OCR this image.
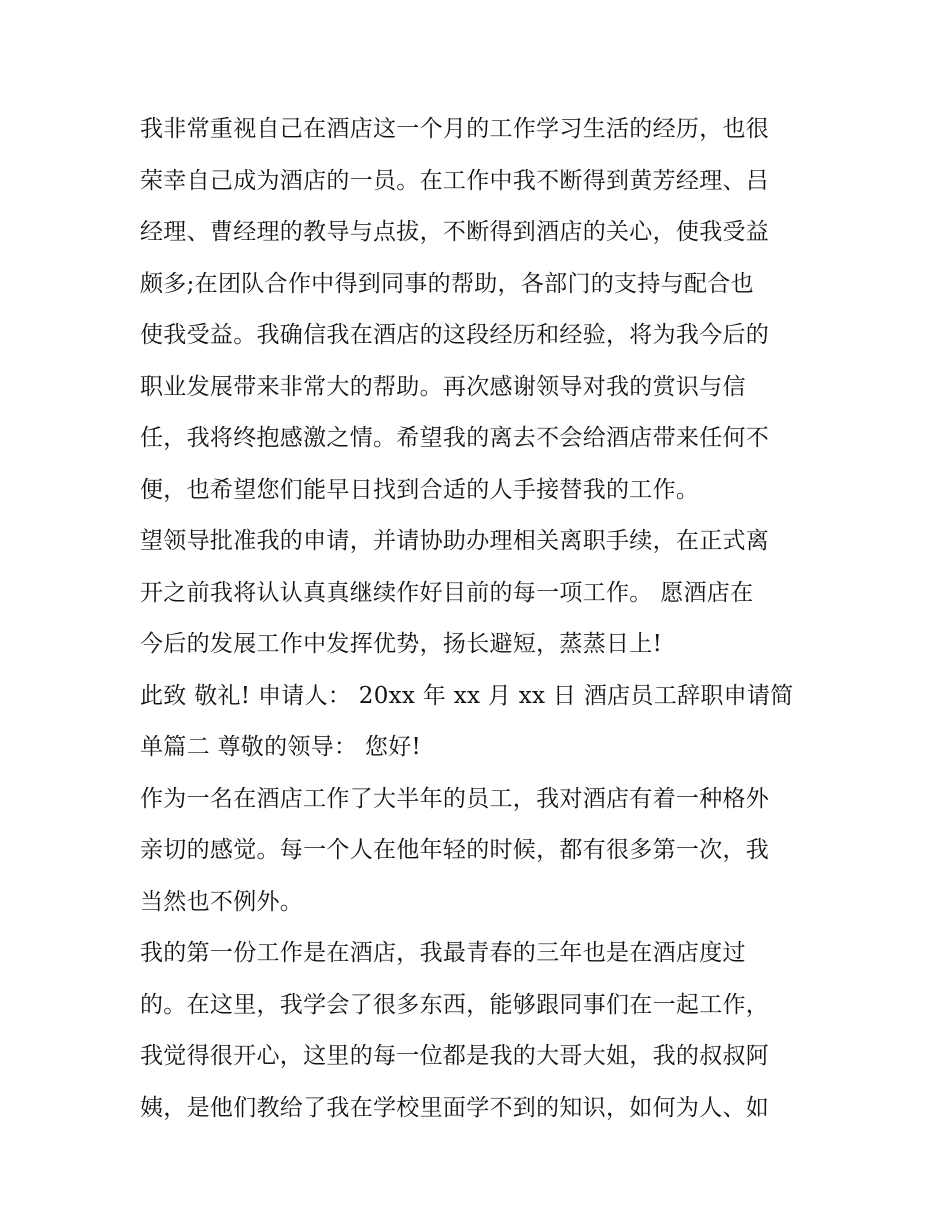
我非常重视自己在酒店这一个月的工作学习生活的经历，也很
荣幸自己成为酒店的一员。在工作中我不断得到黄芳经理、吕
经理、曹经理的教导与点拔，不断得到酒店的关心，使我受益
颇多;在团队合作中得到同事的帮助，各部门的支持与配合也
使我受益。我确信我在酒店的这段经历和经验，将为我今后的
职业发展带来非常大的帮助。再次感谢领导对我的赏识与信
任，我将终抱感激之情。希望我的离去不会给酒店带来任何不
便，也希望您们能早日找到合适的人手接替我的工作。
望领导批准我的申请，并请协助办理相关离职手续，在正式离
开之前我将认认真真继续作好目前的每一项工作。 愿酒店在
今后的发展工作中发挥优势，扬长避短，蒸蒸日上!
此致 敬礼! 申请人： 20xx 年 xx 月 xx 日 酒店员工辞职申请简
单篇二 尊敬的领导： 您好!
作为一名在酒店工作了大半年的员工，我对酒店有着一种格外
亲切的感觉。每一个人在他年轻的时候，都有很多第一次，我
当然也不例外。
我的第一份工作是在酒店，我最青春的三年也是在酒店度过
的。在这里，我学会了很多东西，能够跟同事们在一起工作，
我觉得很开心，这里的每一位都是我的大哥大姐，我的叔叔阿
姨，是他们教给了我在学校里面学不到的知识，如何为人、如
